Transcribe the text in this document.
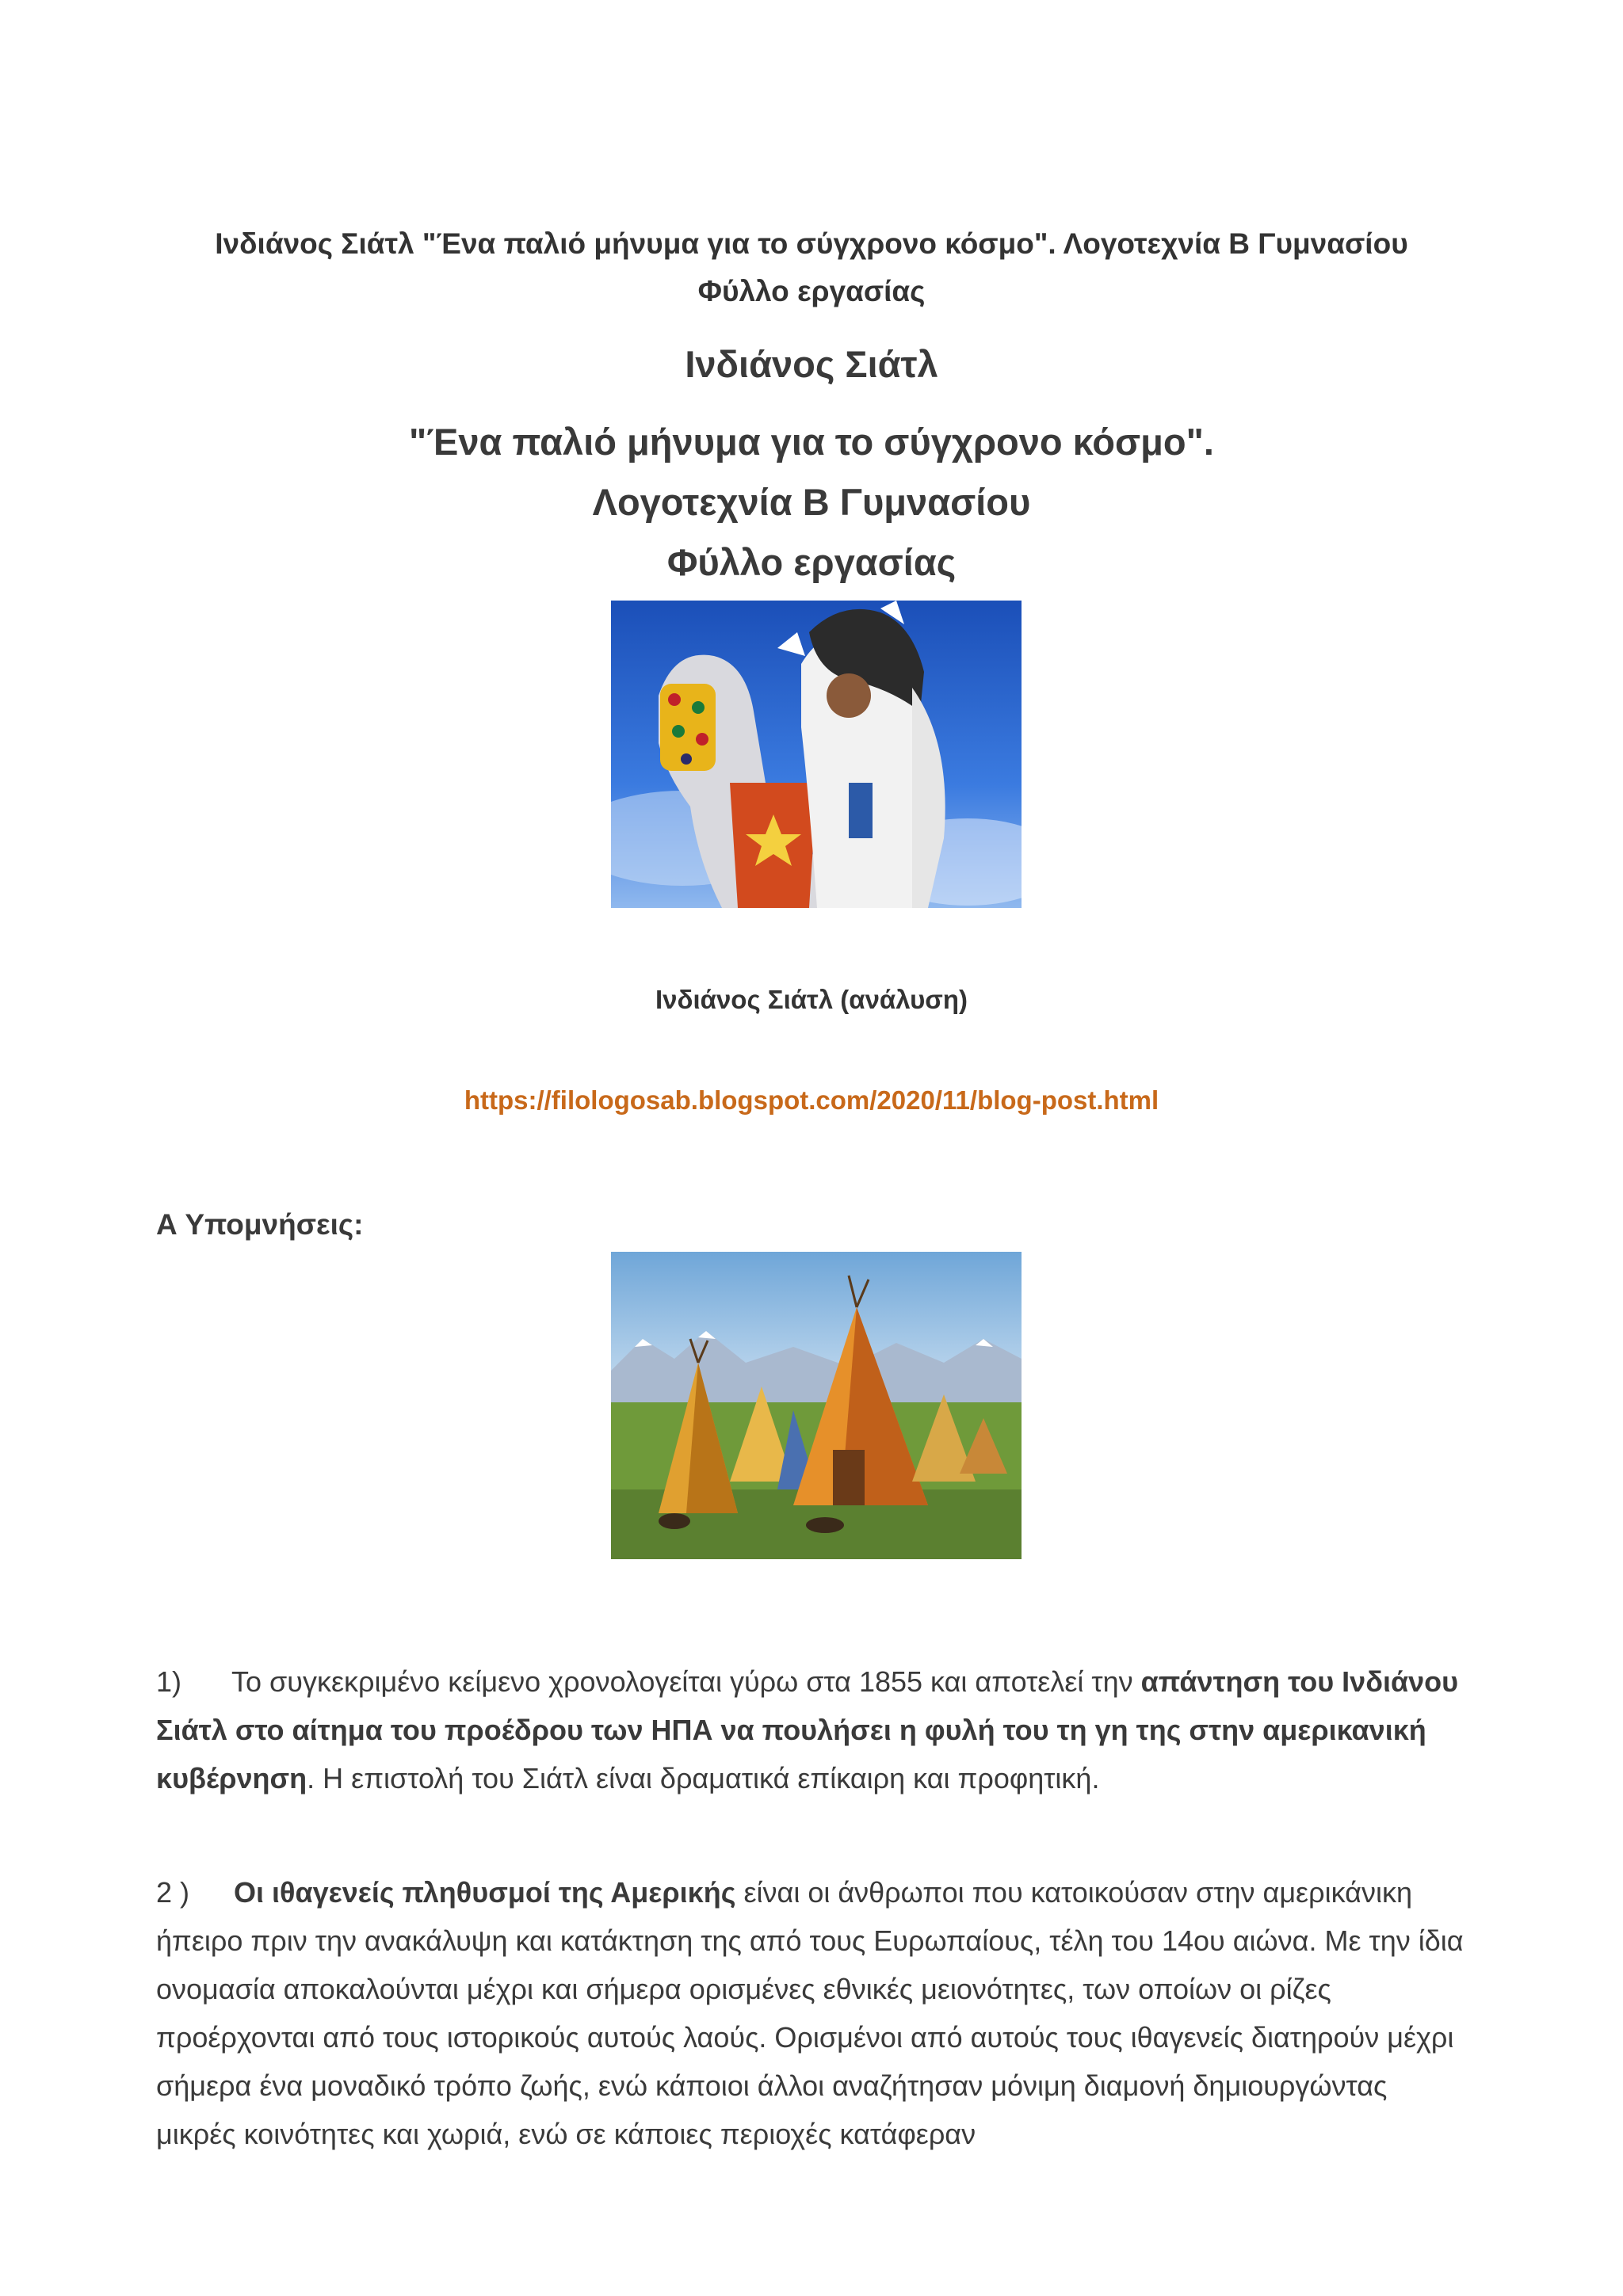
Ινδιάνος Σιάτλ "Ένα παλιό μήνυμα για το σύγχρονο κόσμο". Λογοτεχνία Β Γυμνασίου
Φύλλο εργασίας
Ινδιάνος Σιάτλ
"Ένα παλιό μήνυμα για το σύγχρονο κόσμο".
Λογοτεχνία Β Γυμνασίου
Φύλλο εργασίας
Ινδιάνος Σιάτλ (ανάλυση)
https://filologosab.blogspot.com/2020/11/blog-post.html
Α Υπομνήσεις:
1) Το συγκεκριμένο κείμενο χρονολογείται γύρω στα 1855 και αποτελεί την απάντηση του Ινδιάνου Σιάτλ στο αίτημα του προέδρου των ΗΠΑ να πουλήσει η φυλή του τη γη της στην αμερικανική κυβέρνηση. Η επιστολή του Σιάτλ είναι δραματικά επίκαιρη και προφητική.
2 ) Οι ιθαγενείς πληθυσμοί της Αμερικής είναι οι άνθρωποι που κατοικούσαν στην αμερικάνικη ήπειρο πριν την ανακάλυψη και κατάκτηση της από τους Ευρωπαίους, τέλη του 14ου αιώνα. Με την ίδια ονομασία αποκαλούνται μέχρι και σήμερα ορισμένες εθνικές μειονότητες, των οποίων οι ρίζες προέρχονται από τους ιστορικούς αυτούς λαούς. Ορισμένοι από αυτούς τους ιθαγενείς διατηρούν μέχρι σήμερα ένα μοναδικό τρόπο ζωής, ενώ κάποιοι άλλοι αναζήτησαν μόνιμη διαμονή δημιουργώντας μικρές κοινότητες και χωριά, ενώ σε κάποιες περιοχές κατάφεραν
